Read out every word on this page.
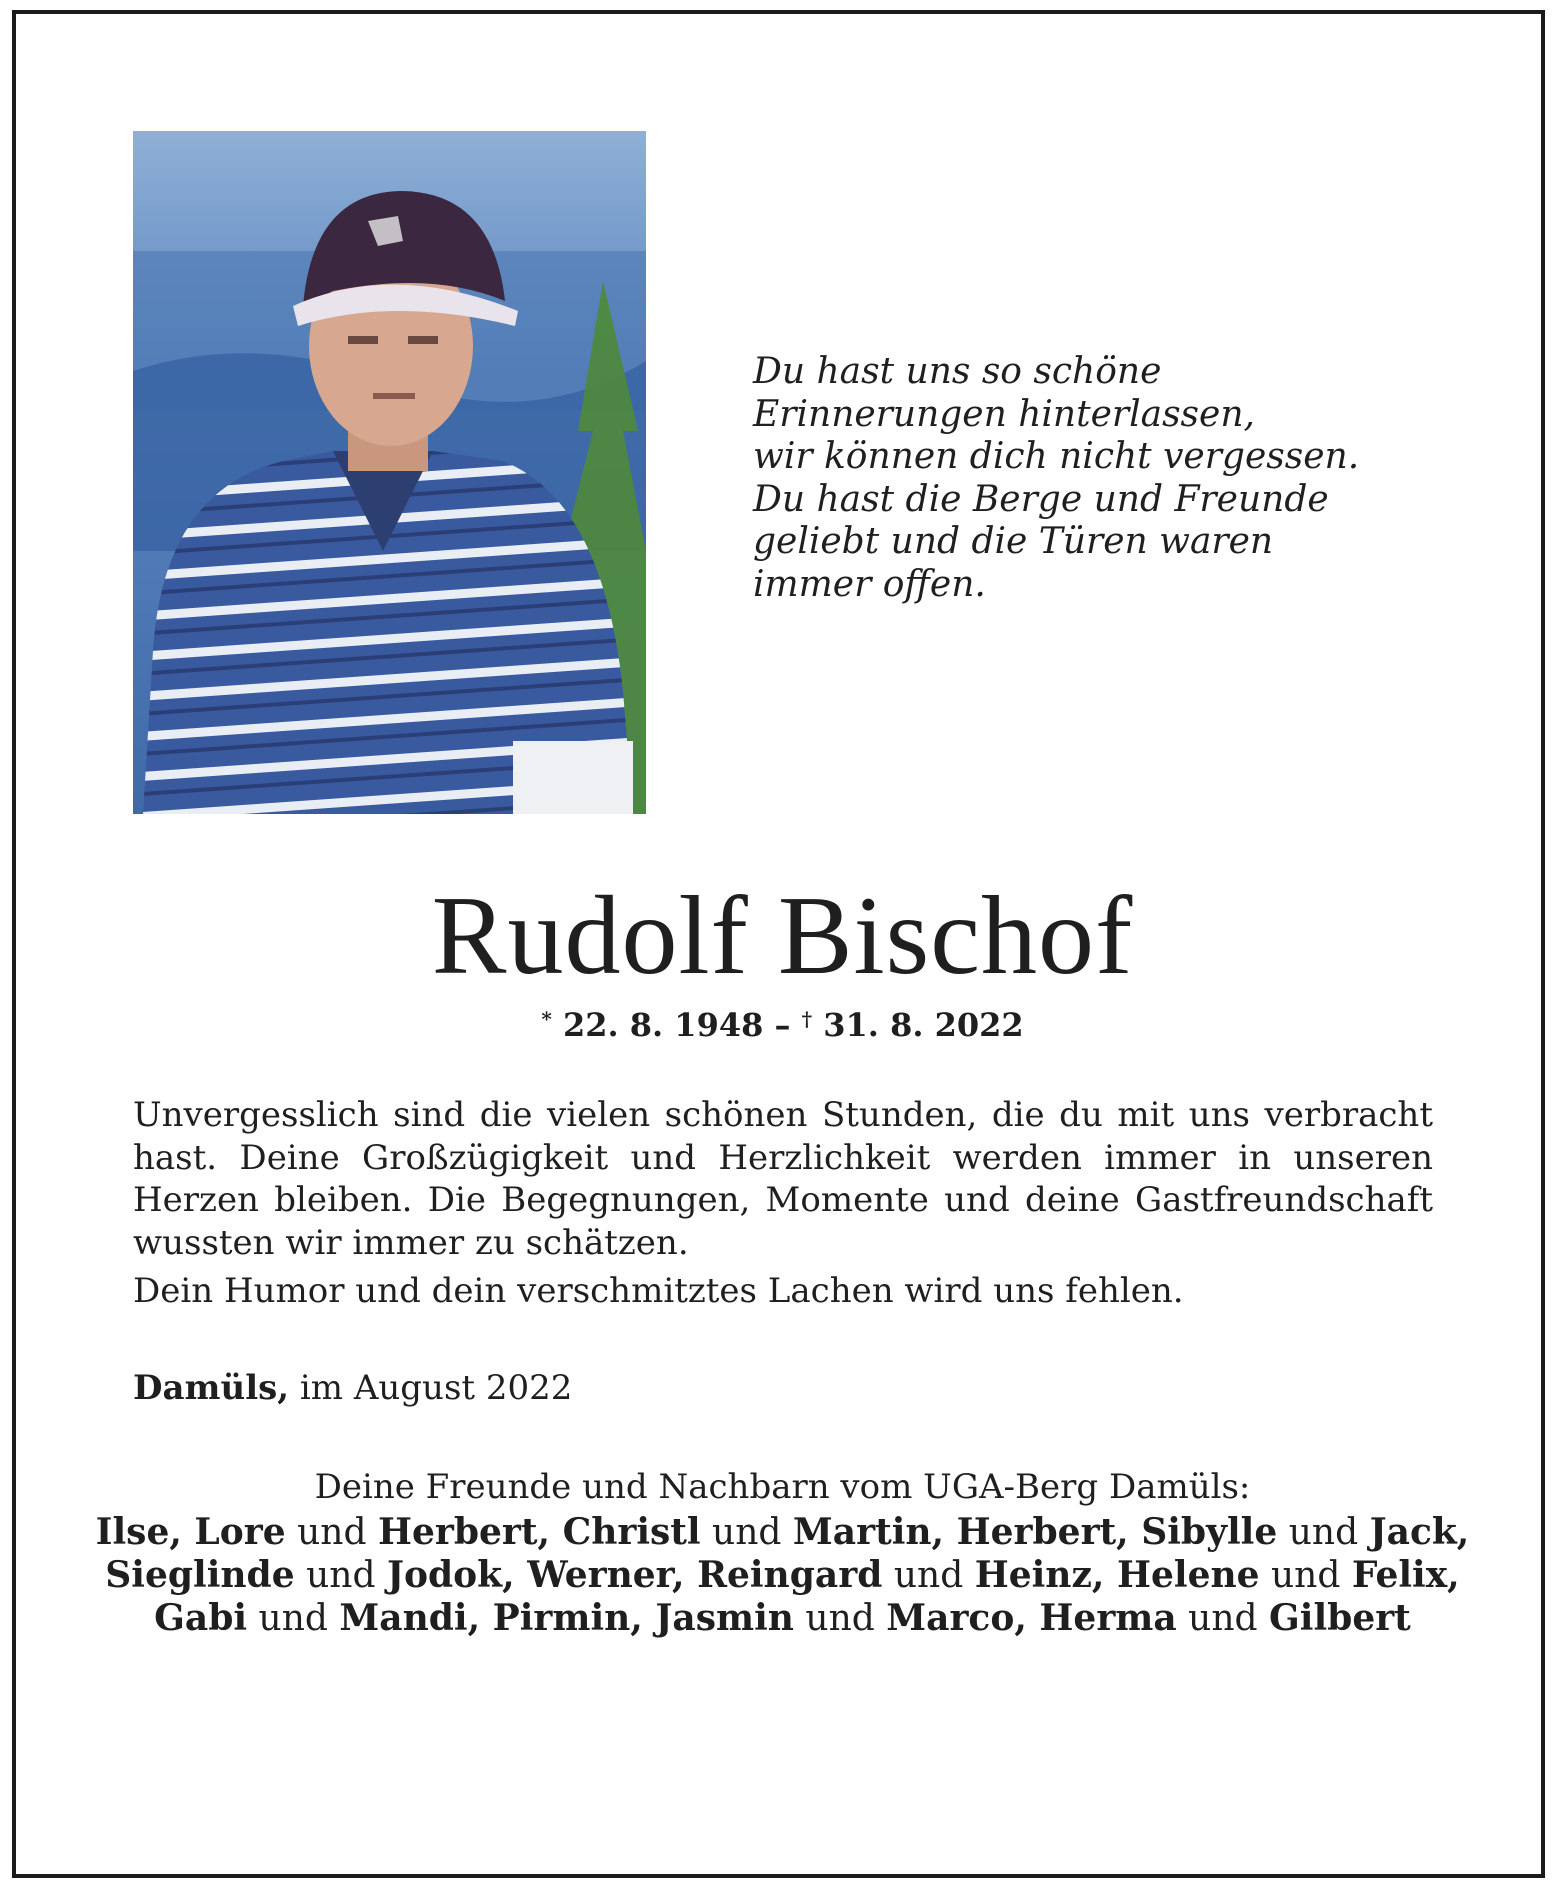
Du hast uns so schöne
Erinnerungen hinterlassen,
wir können dich nicht vergessen.
Du hast die Berge und Freunde
geliebt und die Türen waren
immer offen.
Rudolf Bischof
* 22. 8. 1948 – † 31. 8. 2022

Unvergesslich sind die vielen schönen Stunden, die du mit uns verbracht hast. Deine Großzügigkeit und Herzlichkeit werden immer in unseren Herzen bleiben. Die Begegnungen, Momente und deine Gastfreundschaft wussten wir immer zu schätzen.

Dein Humor und dein verschmitztes Lachen wird uns fehlen.

Damüls, im August 2022
Deine Freunde und Nachbarn vom UGA-Berg Damüls:
Ilse, Lore und Herbert, Christl und Martin, Herbert, Sibylle und Jack,
Sieglinde und Jodok, Werner, Reingard und Heinz, Helene und Felix,
Gabi und Mandi, Pirmin, Jasmin und Marco, Herma und Gilbert
